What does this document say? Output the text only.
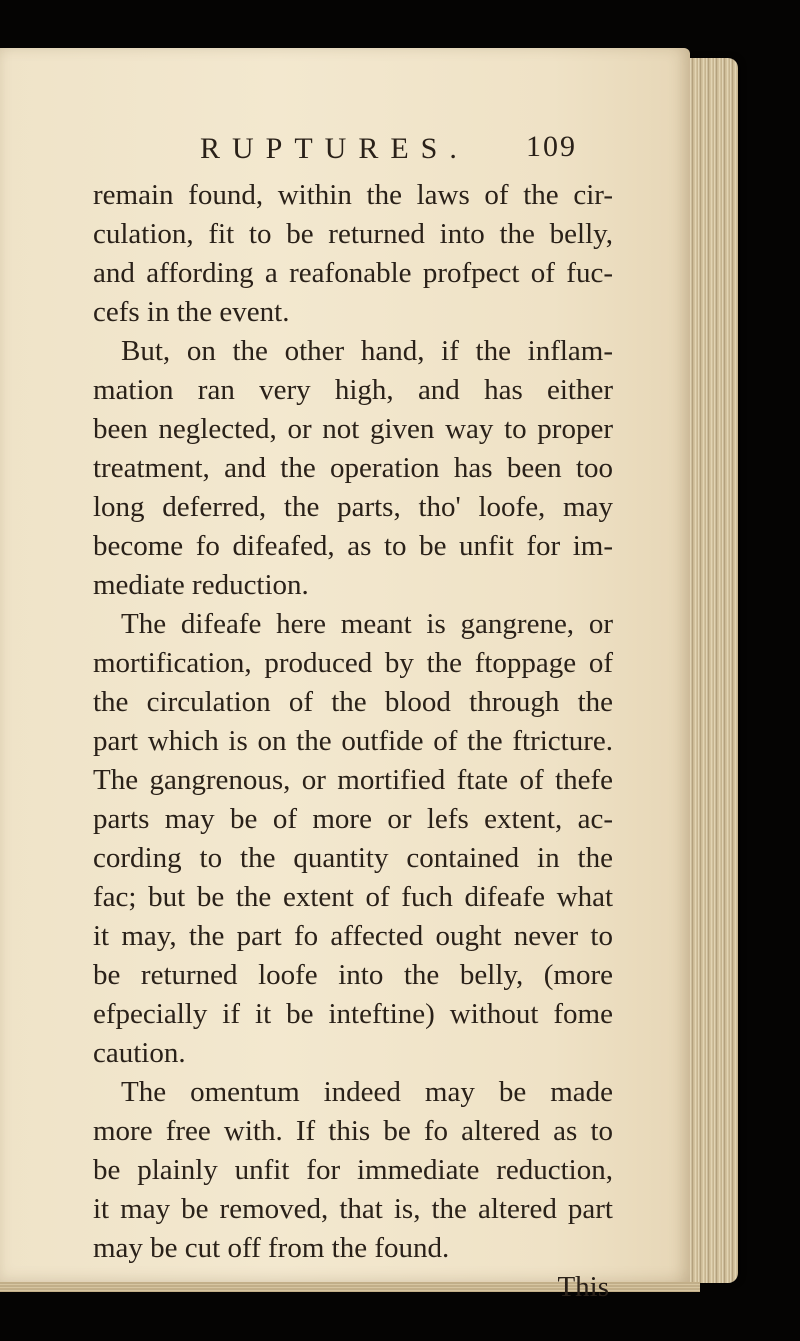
RUPTURES. 109
remain found, within the laws of the cir-
culation, fit to be returned into the belly,
and affording a reafonable profpect of fuc-
cefs in the event.
But, on the other hand, if the inflam-
mation ran very high, and has either
been neglected, or not given way to proper
treatment, and the operation has been too
long deferred, the parts, tho' loofe, may
become fo difeafed, as to be unfit for im-
mediate reduction.
The difeafe here meant is gangrene, or
mortification, produced by the ftoppage of
the circulation of the blood through the
part which is on the outfide of the ftricture.
The gangrenous, or mortified ftate of thefe
parts may be of more or lefs extent, ac-
cording to the quantity contained in the
fac; but be the extent of fuch difeafe what
it may, the part fo affected ought never to
be returned loofe into the belly, (more
efpecially if it be inteftine) without fome
caution.
The omentum indeed may be made
more free with. If this be fo altered as to
be plainly unfit for immediate reduction,
it may be removed, that is, the altered part
may be cut off from the found.
This
